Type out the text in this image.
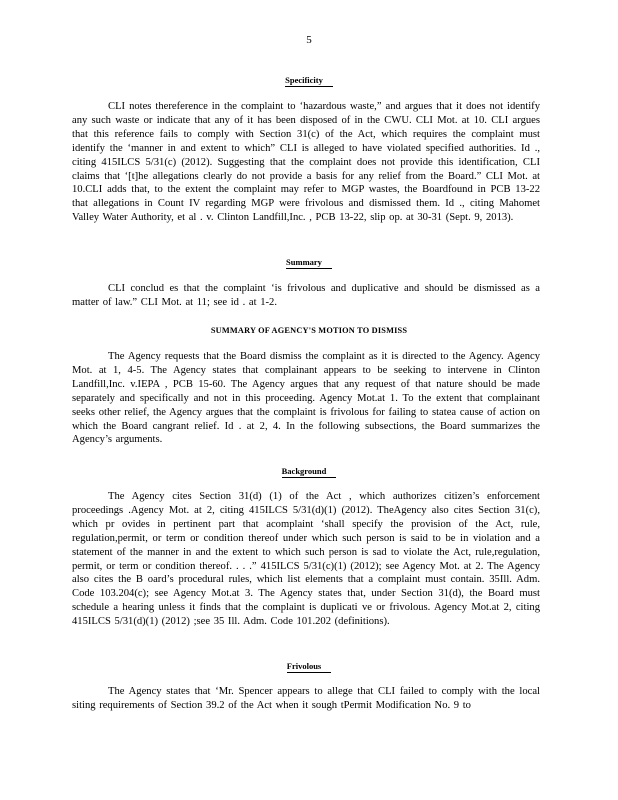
5
Specificity

CLI notes thereference in the complaint to ‘hazardous waste,” and argues that it does not identify any such waste or indicate that any of it has been disposed of in the CWU. CLI Mot. at 10. CLI argues that this reference fails to comply with Section 31(c) of the Act, which requires the complaint must identify the ‘manner in and extent to which” CLI is alleged to have violated specified authorities. Id ., citing 415ILCS 5/31(c) (2012). Suggesting that the complaint does not provide this identification, CLI claims that ‘[t]he allegations clearly do not provide a basis for any relief from the Board.” CLI Mot. at 10.CLI adds that, to the extent the complaint may refer to MGP wastes, the Boardfound in PCB 13-22 that allegations in Count IV regarding MGP were frivolous and dismissed them. Id ., citing Mahomet Valley Water Authority, et al . v. Clinton Landfill,Inc. , PCB 13-22, slip op. at 30-31 (Sept. 9, 2013).

Summary

CLI conclud es that the complaint ‘is frivolous and duplicative and should be dismissed as a matter of law.” CLI Mot. at 11; see id . at 1-2.

SUMMARY OF AGENCY'S MOTION TO DISMISS

The Agency requests that the Board dismiss the complaint as it is directed to the Agency. Agency Mot. at 1, 4-5. The Agency states that complainant appears to be seeking to intervene in Clinton Landfill,Inc. v.IEPA , PCB 15-60. The Agency argues that any request of that nature should be made separately and specifically and not in this proceeding. Agency Mot.at 1. To the extent that complainant seeks other relief, the Agency argues that the complaint is frivolous for failing to statea cause of action on which the Board cangrant relief. Id . at 2, 4. In the following subsections, the Board summarizes the Agency’s arguments.

Background

The Agency cites Section 31(d) (1) of the Act , which authorizes citizen’s enforcement proceedings .Agency Mot. at 2, citing 415ILCS 5/31(d)(1) (2012). TheAgency also cites Section 31(c), which pr ovides in pertinent part that acomplaint ‘shall specify the provision of the Act, rule, regulation,permit, or term or condition thereof under which such person is said to be in violation and a statement of the manner in and the extent to which such person is sad to violate the Act, rule,regulation, permit, or term or condition thereof. . . .” 415ILCS 5/31(c)(1) (2012); see Agency Mot. at 2. The Agency also cites the B oard’s procedural rules, which list elements that a complaint must contain. 35Ill. Adm. Code 103.204(c); see Agency Mot.at 3. The Agency states that, under Section 31(d), the Board must schedule a hearing unless it finds that the complaint is duplicati ve or frivolous. Agency Mot.at 2, citing 415ILCS 5/31(d)(1) (2012) ;see 35 Ill. Adm. Code 101.202 (definitions).

Frivolous

The Agency states that ‘Mr. Spencer appears to allege that CLI failed to comply with the local siting requirements of Section 39.2 of the Act when it sough tPermit Modification No. 9 to
